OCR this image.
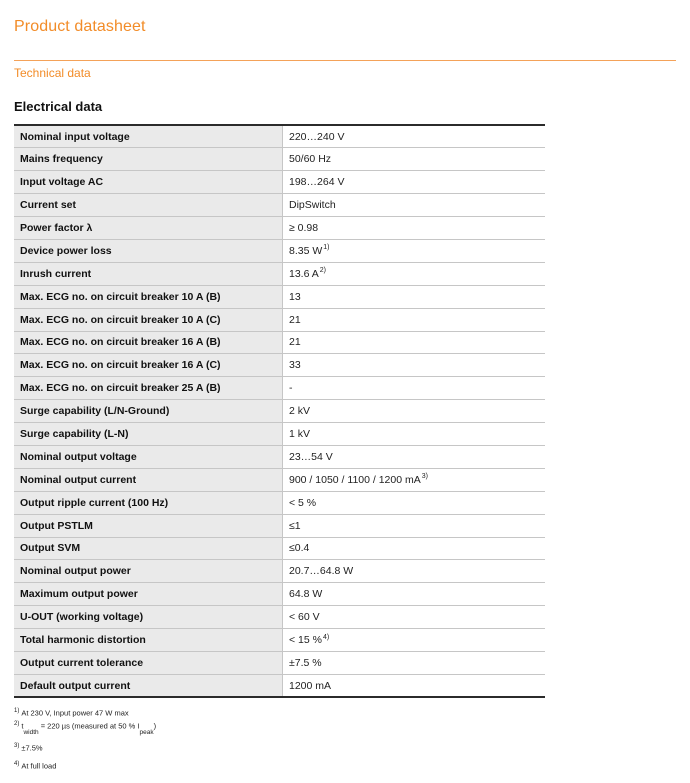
Product datasheet
Technical data
Electrical data
Nominal input voltage	220…240 V
Mains frequency	50/60 Hz
Input voltage AC	198…264 V
Current set	DipSwitch
Power factor λ	≥ 0.98
Device power loss	8.35 $W^{1)}$
Inrush current	13.6 $A^{2)}$
Max. ECG no. on circuit breaker 10 A (B)	13
Max. ECG no. on circuit breaker 10 A (C)	21
Max. ECG no. on circuit breaker 16 A (B)	21
Max. ECG no. on circuit breaker 16 A (C)	33
Max. ECG no. on circuit breaker 25 A (B)	-
Surge capability (L/N-Ground)	2 kV
Surge capability (L-N)	1 kV
Nominal output voltage	23…54 V
Nominal output current	900 / 1050 / 1100 / 1200 $mA^{3)}$
Output ripple current (100 Hz)	< 5 %
Output PSTLM	≤1
Output SVM	≤0.4
Nominal output power	20.7…64.8 W
Maximum output power	64.8 W
U-OUT (working voltage)	< 60 V
Total harmonic distortion	< 15 %$^{4)}$
Output current tolerance	±7.5 %
Default output current	1200 mA
$^{1)}$ At 230 V, Input power 47 W max
$^{2)}$ twidth = 220 µs (measured at 50 % Ipeak)
$^{3)}$ ±7.5%
$^{4)}$ At full load
